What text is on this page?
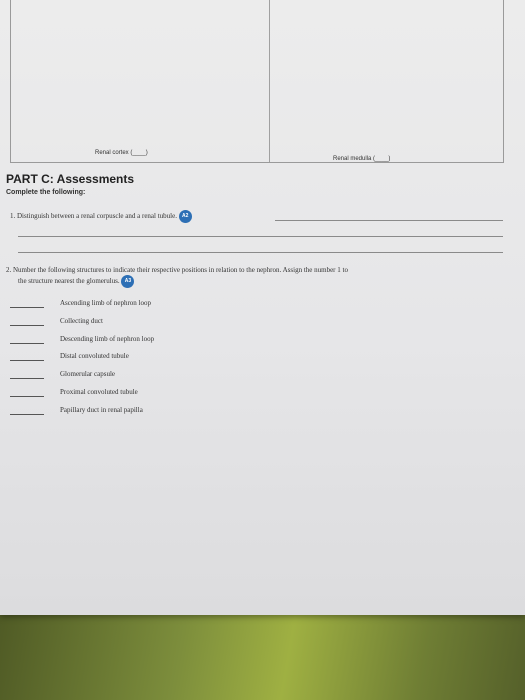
Renal cortex (____)
Renal medulla (____)
PART C: Assessments
Complete the following:
1. Distinguish between a renal corpuscle and a renal tubule. A2
2. Number the following structures to indicate their respective positions in relation to the nephron. Assign the number 1 to
the structure nearest the glomerulus. A3
Ascending limb of nephron loop
Collecting duct
Descending limb of nephron loop
Distal convoluted tubule
Glomerular capsule
Proximal convoluted tubule
Papillary duct in renal papilla
